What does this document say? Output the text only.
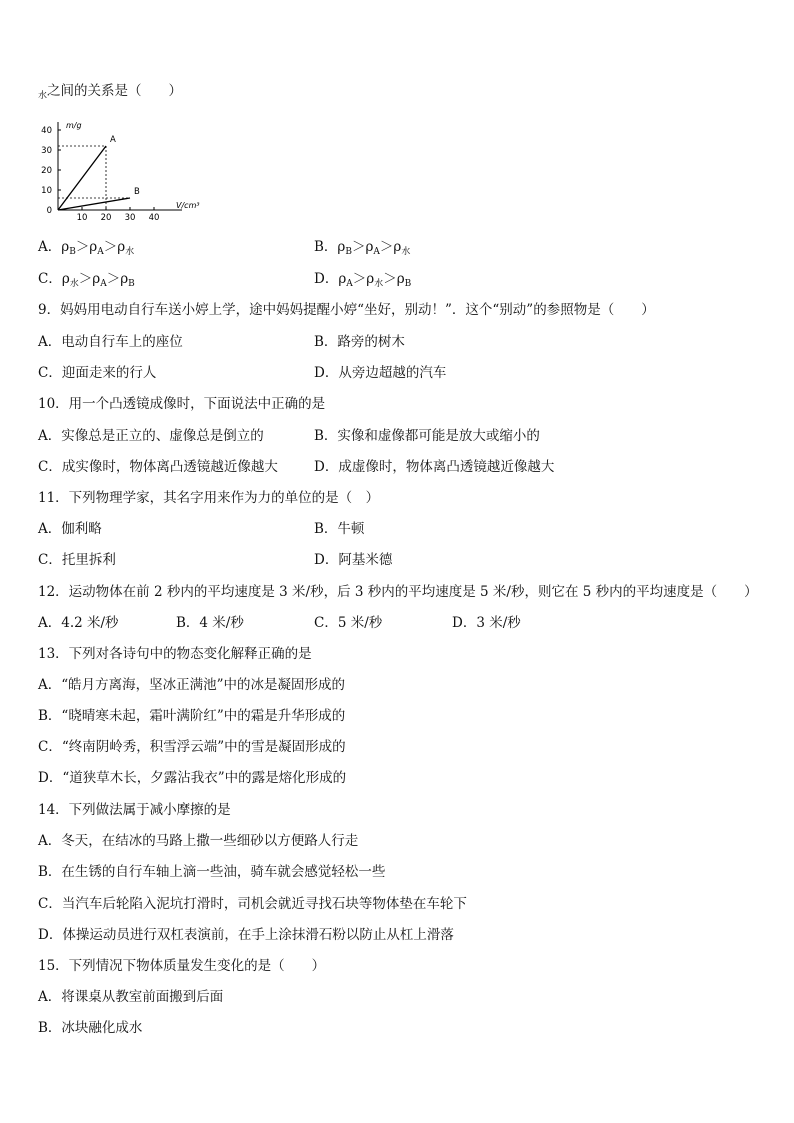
$_水$之间的关系是（　　）
m/g
V/cm³
0
10
20
30
40
10 20 30 40
A
B
A．$\rho_B>\rho_A>\rho_水$	B．$\rho_B>\rho_A>\rho_水$
C．$\rho_水>\rho_A>\rho_B$	D．$\rho_A>\rho_水>\rho_B$
9．妈妈用电动自行车送小婷上学，途中妈妈提醒小婷“坐好，别动！”．这个“别动”的参照物是（　　）
A．电动自行车上的座位	B．路旁的树木
C．迎面走来的行人	D．从旁边超越的汽车
10．用一个凸透镜成像时，下面说法中正确的是
A．实像总是正立的、虚像总是倒立的	B．实像和虚像都可能是放大或缩小的
C．成实像时，物体离凸透镜越近像越大	D．成虚像时，物体离凸透镜越近像越大
11．下列物理学家，其名字用来作为力的单位的是（　）
A．伽利略	B．牛顿
C．托里拆利	D．阿基米德
12．运动物体在前 2 秒内的平均速度是 3 米/秒，后 3 秒内的平均速度是 5 米/秒，则它在 5 秒内的平均速度是（　　）
A．4.2 米/秒	B．4 米/秒	C．5 米/秒	D．3 米/秒
13．下列对各诗句中的物态变化解释正确的是
A．“皓月方离海，坚冰正满池”中的冰是凝固形成的
B．“晓晴寒未起，霜叶满阶红”中的霜是升华形成的
C．“终南阴岭秀，积雪浮云端”中的雪是凝固形成的
D．“道狭草木长，夕露沾我衣”中的露是熔化形成的
14．下列做法属于减小摩擦的是
A．冬天，在结冰的马路上撒一些细砂以方便路人行走
B．在生锈的自行车轴上滴一些油，骑车就会感觉轻松一些
C．当汽车后轮陷入泥坑打滑时，司机会就近寻找石块等物体垫在车轮下
D．体操运动员进行双杠表演前，在手上涂抹滑石粉以防止从杠上滑落
15．下列情况下物体质量发生变化的是（　　）
A．将课桌从教室前面搬到后面
B．冰块融化成水
